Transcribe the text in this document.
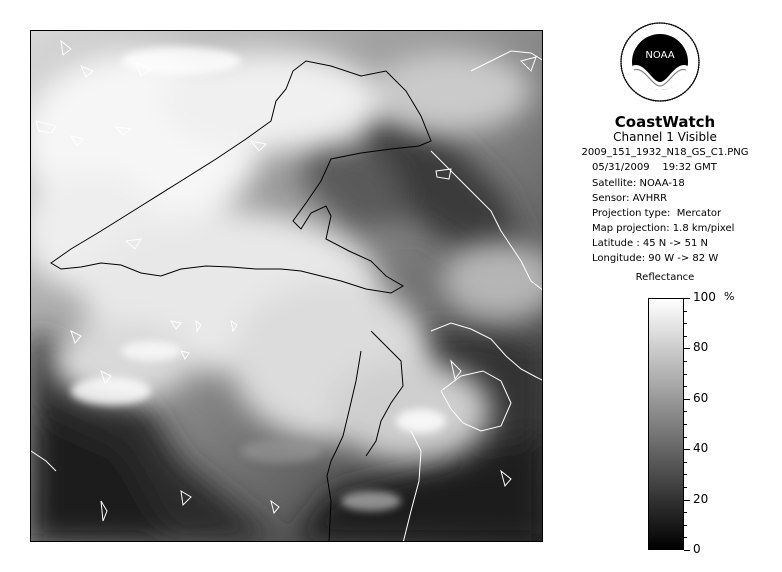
NOAA
CoastWatch
Channel 1 Visible
2009_151_1932_N18_GS_C1.PNG
05/31/2009 19:32 GMT
Satellite: NOAA-18
Sensor: AVHRR
Projection type:  Mercator
Map projection: 1.8 km/pixel
Latitude : 45 N -> 51 N
Longitude: 90 W -> 82 W
Reflectance
%
100
80
60
40
20
0
